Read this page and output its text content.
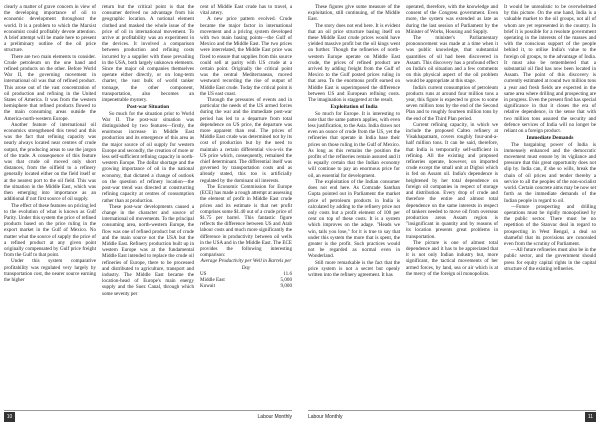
clearly a matter of grave concern in view of the developing importance of oil to economic development throughout the world. It is a problem to which the Marxist economist could profitably devote attention. A brief attempt will be made here to present a preliminary outline of the oil price structure.

There are two main elements to consider. Crude petroleum on the one hand and refined products on the other. Before World War II, the governing movement in international oil was that of refined product. This arose out of the vast concentration of oil production and refining in the United States of America. It was from the western hemisphere that refined products flowed to the main consuming areas outside the America-north-western Europe.

Another feature of international oil economics strengthened this trend and this was the fact that refining capacity was nearly always located near centres of crude output, the producing areas to use the jargon of the trade. A consequence of this feature was that crude oil moved only short distances, from the oilfield to a refinery generally located either on the field itself or at the nearest port to the oil field. This was the situation in the Middle East, which was then emerging into importance as an additional if not first source of oil supply.

The effect of these features on pricing led to the evolution of what is known as Gulf Parity. Under this system the price of refined products based on the price ruling in the export market in the Gulf of Mexico. No matter what the source of supply the price of a refined product at any given point originally compensated by Gulf price freight from the Gulf to that point.

Under this system comparative profitability was regulated very largely by transportation cost, the nearer source earning the higher

return but the critical point is that the consumer derived no advantage from his geographic location. A notional element clothed and masked the whole issue of the price of oil in international movement. To arrive at profitability was an experiment in the devices. It involved a comparison between production and refining costs incurred by a supplier with those prevailing in the USA, both largely unknown elements. Since the major oil companies themselves operate either directly, or on long-term charter, the vast bulk of world tanker tonnage, the other component, transportation, also becomes an impenetrable mystery.

Post-war Situation

So much for the situation prior to World War II. The post-war situation was distinguished by two features—firstly, the enormous increase in Middle East production and its emergence of this area as the major source of oil supply for western Europe and secondly, the creation of more or less self-sufficient refining capacity in north-western Europe. The dollar shortage and the growing importance of oil in the national economy, that dictated a change of outlook on the question of refinery location—the post-war trend was directed at constructing refining capacity at centres of consumption rather than at production.

These post-war developments caused a change in the character and source of international oil movements. To the principal consuming area, north-western Europe, the flow was one of refined product but of crude and the main source not the USA but the Middle East. Refinery production built up in western Europe was at the fundamental Middle East intended to replace the crude oil refineries of Europe, there to be processed and distributed to agriculture, transport and industry. The Middle East became the location-head of Europe's main energy supply and the Suez Canal, through which some seventy per

cent of Middle East crude has to travel, a vital artery.

A new price pattern evolved. Crude became the major factor in international movement and a pricing system developed with two main basing points—the Gulf of Mexico and the Middle East. The two prices were interrelated, the Middle East price was fixed to ensure that supplies from this source could sell at parity with US crude at a certain point. Originally the critical point was the central Mediterranean, moved westward recording the rise of output of Middle East crude. Today the critical point is the US east coast.

Through the pressures of events and in particular the needs of the US armed forces during the war and the immediate post-war period has led to a departure from total dependence on US price, the departure was more apparent than real. The prices of Middle East crude was determined not by its cost of production but by the need to maintain a certain differential vis-a-vis the US price which, consequently, remained the chief determinant. The differential itself was governed by transportation costs and as already stated, this too is artificially regulated by the dominant oil interests.

The Economic Commission for Europe (ECE) has made a rough attempt at assessing the element of profit in Middle East crude prices and its estimate is that net profit comprises some $1.40 out of a crude price of $1.75 per barrel. This fantastic figure reflects the difference between US and Arab labour costs and much more significantly the difference in productivity between oil wells in the USA and in the Middle East. The ECE provides the following interesting comparison:

Average Productivity per Well in Barrels per Day

US	11.6
Middle East	5,000
Kuwait	9,000
10	Labour Monthly

These figures give some measure of the exploitation, still continuing, of the Middle East.

The story does not end here. It is evident that an oil price structure basing itself on these Middle East crude prices would have yielded massive profit but the oil kings went on further. Though the refineries of north-western Europe operate on Middle East crude, the prices of refined product are arrived by adding freight from the Gulf of Mexico to the Gulf posted prices ruling in that area. To the enormous profit earned on Middle East is superimposed the difference between US and European refining costs. The imagination is staggered at the result.

Exploitation of India

So much for Europe. It is interesting to note that the same pattern applies, with even less justification, to the Asia. India draws not even an ounce of crude from the US, yet the refineries that operate in India base their prices on those ruling in the Gulf of Mexico. As long as this remains the position the profits of the refineries remain assured and it is equally certain that the Indian economy will continue to pay an enormous price for oil, an essential for development.

The exploitation of the Indian consumer does not end here. As Comrade Santhan Gupta pointed out in Parliament the market price of petroleum products in India is calculated by adding to the refinery price not only costs but a profit element of 100 per cent on top of these costs. It is a system which improves on the adage. "Heads we win, tails you lose," for it is true to say that under this system the more that is spent, the greater is the profit. Such practices would not be regarded as normal even in Wonderland.

Still more remarkable is the fact that the price system is not a secret but openly written into the refinery agreement. It has

operated, therefore, with the knowledge and consent of the Congress government. Even more, the system was extended as late as during the last session of Parliament by the Minister of Works, Housing and Supply.

The minister's Parliamentary pronouncement was made at a time when it was public knowledge, that substantial quantities of oil had been discovered in Assam. This discovery has a profound effect on India's oil situation and a few comments on this physical aspect of the oil problem would be appropriate at this stage.

India's current consumption of petroleum products runs at around four million tons a year, this figure is expected to grow to some seven million tons by the end of the Second Plan and to roughly fourteen million tons by the end of the Third Plan period.

Current refining capacity, in which we include the proposed Caltex refinery at Visakhapatnam, covers roughly four-and-a-half million tons. It can be said, therefore, that India is temporarily self-sufficient in refining. All the existing and proposed refineries operate, however, on imported crude except the small unit at Digboi which is fed on Assam oil. India's dependence is heightened by her total dependence on foreign oil companies in respect of storage and distribution. Every drop of crude and therefore the entire and almost total dependence on the same interests in respect of tankers needed to move oil from overseas production areas Assam region is "insignificant in quantity and by reasons of its location presents great problems in transportation.

The picture is one of almost total dependence and it has to be appreciated that it is not only Indian industry but, more significant, the tactical movements of her armed forces, by land, sea or air which is at the mercy of the foreign oil monopolists.

It would be unrealistic to be overwhelmed by this picture. On the one hand, India is a valuable market to the oil groups, not all of whom are yet represented in the country. In brief it is possible for a resolute government operating in the interests of the masses and with the conscious support of the people behind it, to utilise India's value to the foreign oil groups, to the advantage of India. It must also be remembered that a substantial oil find has now been located in Assam. The point of this discovery is currently estimated at round two million tons a year and fresh fields are expected in the same area where drilling and prospecting are in progress. Even the present find has special significance in that it closes the era of relative dependence, in the sense that with two million tons assured the security and defence services of India will no longer be reliant on a foreign product.

Immediate Demands

The bargaining power of India is immensely enhanced and the democratic movement must ensure by its vigilance and pressure that this great opportunity does not slip by. India can, if she so wills, break the chain of oil prices and tender thereby a service to all the peoples of the non-socialist world. Certain concrete aims may be now set forth as the immediate demands of the Indian people in regard to oil.

—Future prospecting and drilling operations must be rigidly monopolised by the public sector. There must be no repetition of the Stanvac deal in regard to prospecting in West Bengal, a deal so shameful that its provisions are concealed even from the scrutiny of Parliament.

—All future refineries must also be in the public sector, and the government should press for equity capital rights in the capital structure of the existing refineries.

Labour Monthly	11
